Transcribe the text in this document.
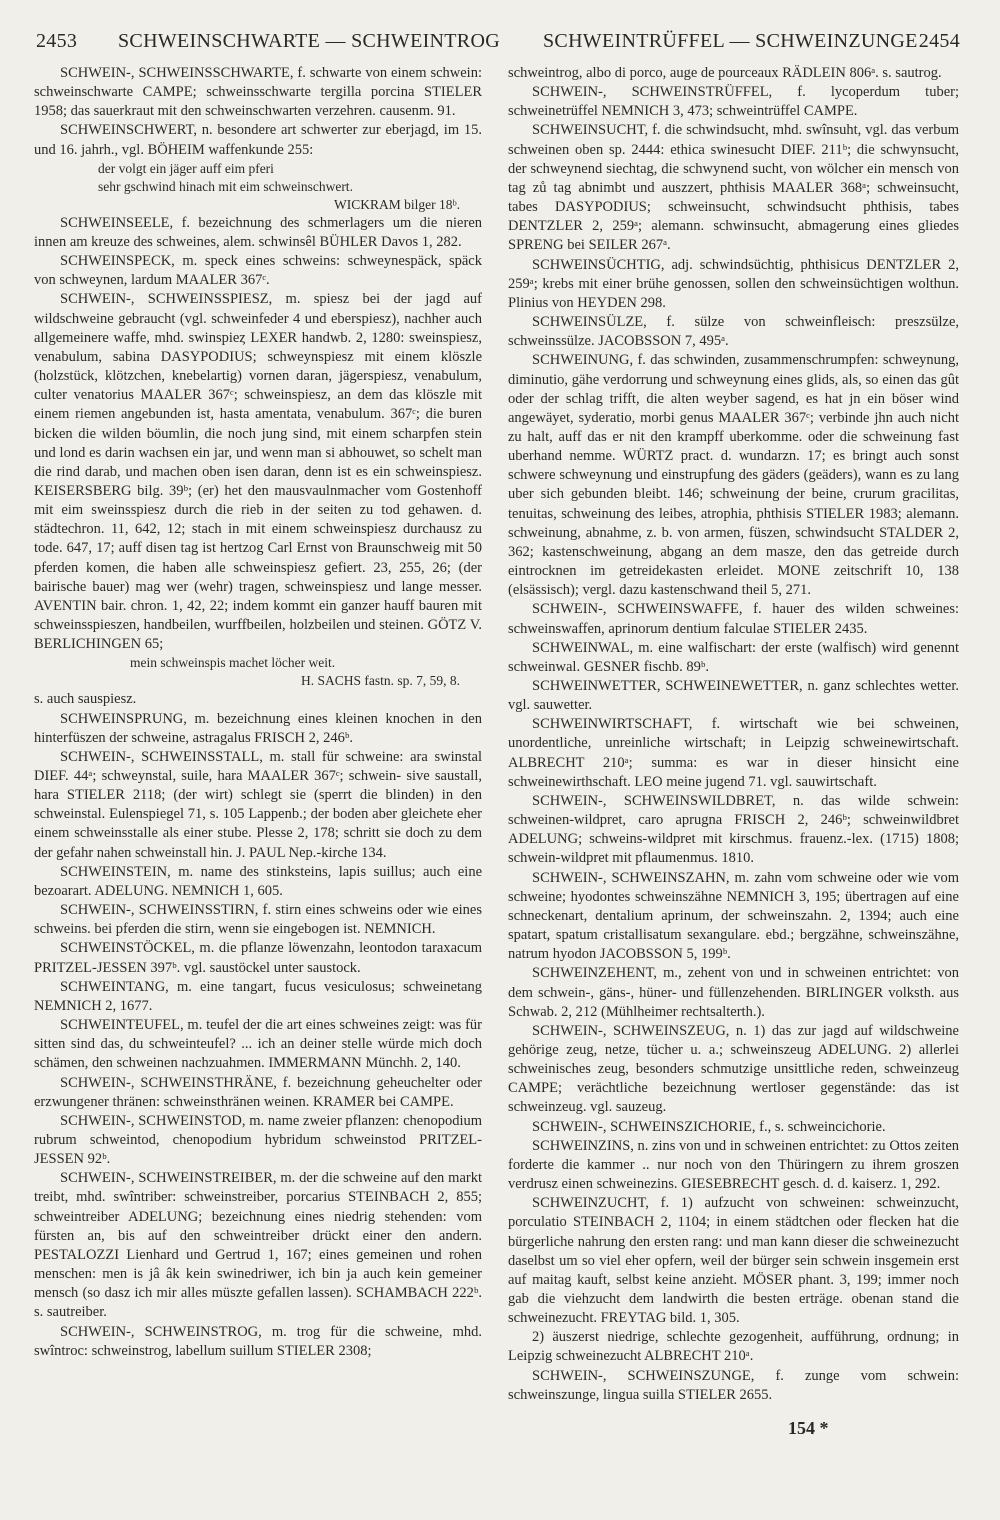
2453 SCHWEINSCHWARTE — SCHWEINTROG SCHWEINTRÜFFEL — SCHWEINZUNGE 2454

SCHWEIN-, SCHWEINSSCHWARTE, f. schwarte von einem schwein: schweinschwarte CAMPE; schweinsschwarte tergilla porcina STIELER 1958; das sauerkraut mit den schweinschwarten verzehren. causenm. 91.

SCHWEINSCHWERT, n. besondere art schwerter zur eberjagd, im 15. und 16. jahrh., vgl. BÖHEIM waffenkunde 255:

der volgt ein jäger auff eim pferi

sehr gschwind hinach mit eim schweinschwert.

WICKRAM bilger 18ᵇ.

SCHWEINSEELE, f. bezeichnung des schmerlagers um die nieren innen am kreuze des schweines, alem. schwinsêl BÜHLER Davos 1, 282.

SCHWEINSPECK, m. speck eines schweins: schweynespäck, späck von schweynen, lardum MAALER 367ᶜ.

SCHWEIN-, SCHWEINSSPIESZ, m. spiesz bei der jagd auf wildschweine gebraucht (vgl. schweinfeder 4 und eberspiesz), nachher auch allgemeinere waffe, mhd. swinspieȥ LEXER handwb. 2, 1280: sweinspiesz, venabulum, sabina DASYPODIUS; schweynspiesz mit einem klöszle (holzstück, klötzchen, knebelartig) vornen daran, jägerspiesz, venabulum, culter venatorius MAALER 367ᶜ; schweinspiesz, an dem das klöszle mit einem riemen angebunden ist, hasta amentata, venabulum. 367ᶜ; die buren bicken die wilden böumlin, die noch jung sind, mit einem scharpfen stein und lond es darin wachsen ein jar, und wenn man si abhouwet, so schelt man die rind darab, und machen oben isen daran, denn ist es ein schweinspiesz. KEISERSBERG bilg. 39ᵇ; (er) het den mausvaulnmacher vom Gostenhoff mit eim sweinsspiesz durch die rieb in der seiten zu tod gehawen. d. städtechron. 11, 642, 12; stach in mit einem schweinspiesz durchausz zu tode. 647, 17; auff disen tag ist hertzog Carl Ernst von Braunschweig mit 50 pferden komen, die haben alle schweinspiesz gefiert. 23, 255, 26; (der bairische bauer) mag wer (wehr) tragen, schweinspiesz und lange messer. AVENTIN bair. chron. 1, 42, 22; indem kommt ein ganzer hauff bauren mit schweinsspieszen, handbeilen, wurffbeilen, holzbeilen und steinen. GÖTZ V. BERLICHINGEN 65;

mein schweinspis machet löcher weit.

H. SACHS fastn. sp. 7, 59, 8.

s. auch sauspiesz.

SCHWEINSPRUNG, m. bezeichnung eines kleinen knochen in den hinterfüszen der schweine, astragalus FRISCH 2, 246ᵇ.

SCHWEIN-, SCHWEINSSTALL, m. stall für schweine: ara swinstal DIEF. 44ᵃ; schweynstal, suile, hara MAALER 367ᶜ; schwein- sive saustall, hara STIELER 2118; (der wirt) schlegt sie (sperrt die blinden) in den schweinstal. Eulenspiegel 71, s. 105 Lappenb.; der boden aber gleichete eher einem schweinsstalle als einer stube. Plesse 2, 178; schritt sie doch zu dem der gefahr nahen schweinstall hin. J. PAUL Nep.-kirche 134.

SCHWEINSTEIN, m. name des stinksteins, lapis suillus; auch eine bezoarart. ADELUNG. NEMNICH 1, 605.

SCHWEIN-, SCHWEINSSTIRN, f. stirn eines schweins oder wie eines schweins. bei pferden die stirn, wenn sie eingebogen ist. NEMNICH.

SCHWEINSTÖCKEL, m. die pflanze löwenzahn, leontodon taraxacum PRITZEL-JESSEN 397ᵇ. vgl. saustöckel unter saustock.

SCHWEINTANG, m. eine tangart, fucus vesiculosus; schweinetang NEMNICH 2, 1677.

SCHWEINTEUFEL, m. teufel der die art eines schweines zeigt: was für sitten sind das, du schweinteufel? ... ich an deiner stelle würde mich doch schämen, den schweinen nachzuahmen. IMMERMANN Münchh. 2, 140.

SCHWEIN-, SCHWEINSTHRÄNE, f. bezeichnung geheuchelter oder erzwungener thränen: schweinsthränen weinen. KRAMER bei CAMPE.

SCHWEIN-, SCHWEINSTOD, m. name zweier pflanzen: chenopodium rubrum schweintod, chenopodium hybridum schweinstod PRITZEL-JESSEN 92ᵇ.

SCHWEIN-, SCHWEINSTREIBER, m. der die schweine auf den markt treibt, mhd. swîntriber: schweinstreiber, porcarius STEINBACH 2, 855; schweintreiber ADELUNG; bezeichnung eines niedrig stehenden: vom fürsten an, bis auf den schweintreiber drückt einer den andern. PESTALOZZI Lienhard und Gertrud 1, 167; eines gemeinen und rohen menschen: men is jâ âk kein swinedriwer, ich bin ja auch kein gemeiner mensch (so dasz ich mir alles müszte gefallen lassen). SCHAMBACH 222ᵇ. s. sautreiber.

SCHWEIN-, SCHWEINSTROG, m. trog für die schweine, mhd. swîntroc: schweinstrog, labellum suillum STIELER 2308;

schweintrog, albo di porco, auge de pourceaux RÄDLEIN 806ᵃ. s. sautrog.

SCHWEIN-, SCHWEINSTRÜFFEL, f. lycoperdum tuber; schweinetrüffel NEMNICH 3, 473; schweintrüffel CAMPE.

SCHWEINSUCHT, f. die schwindsucht, mhd. swînsuht, vgl. das verbum schweinen oben sp. 2444: ethica swinesucht DIEF. 211ᵇ; die schwynsucht, der schweynend siechtag, die schwynend sucht, von wölcher ein mensch von tag zů tag abnimbt und auszzert, phthisis MAALER 368ᵃ; schweinsucht, tabes DASYPODIUS; schweinsucht, schwindsucht phthisis, tabes DENTZLER 2, 259ᵃ; alemann. schwinsucht, abmagerung eines gliedes SPRENG bei SEILER 267ᵃ.

SCHWEINSÜCHTIG, adj. schwindsüchtig, phthisicus DENTZLER 2, 259ᵃ; krebs mit einer brühe genossen, sollen den schweinsüchtigen wolthun. Plinius von HEYDEN 298.

SCHWEINSÜLZE, f. sülze von schweinfleisch: preszsülze, schweinssülze. JACOBSSON 7, 495ᵃ.

SCHWEINUNG, f. das schwinden, zusammenschrumpfen: schweynung, diminutio, gähe verdorrung und schweynung eines glids, als, so einen das gût oder der schlag trifft, die alten weyber sagend, es hat jn ein böser wind angewäyet, syderatio, morbi genus MAALER 367ᶜ; verbinde jhn auch nicht zu halt, auff das er nit den krampff uberkomme. oder die schweinung fast uberhand nemme. WÜRTZ pract. d. wundarzn. 17; es bringt auch sonst schwere schweynung und einstrupfung des gäders (geäders), wann es zu lang uber sich gebunden bleibt. 146; schweinung der beine, crurum gracilitas, tenuitas, schweinung des leibes, atrophia, phthisis STIELER 1983; alemann. schweinung, abnahme, z. b. von armen, füszen, schwindsucht STALDER 2, 362; kastenschweinung, abgang an dem masze, den das getreide durch eintrocknen im getreidekasten erleidet. MONE zeitschrift 10, 138 (elsässisch); vergl. dazu kastenschwand theil 5, 271.

SCHWEIN-, SCHWEINSWAFFE, f. hauer des wilden schweines: schweinswaffen, aprinorum dentium falculae STIELER 2435.

SCHWEINWAL, m. eine walfischart: der erste (walfisch) wird genennt schweinwal. GESNER fischb. 89ᵇ.

SCHWEINWETTER, SCHWEINEWETTER, n. ganz schlechtes wetter. vgl. sauwetter.

SCHWEINWIRTSCHAFT, f. wirtschaft wie bei schweinen, unordentliche, unreinliche wirtschaft; in Leipzig schweinewirtschaft. ALBRECHT 210ᵃ; summa: es war in dieser hinsicht eine schweinewirthschaft. LEO meine jugend 71. vgl. sauwirtschaft.

SCHWEIN-, SCHWEINSWILDBRET, n. das wilde schwein: schweinen-wildpret, caro aprugna FRISCH 2, 246ᵇ; schweinwildbret ADELUNG; schweins-wildpret mit kirschmus. frauenz.-lex. (1715) 1808; schwein-wildpret mit pflaumenmus. 1810.

SCHWEIN-, SCHWEINSZAHN, m. zahn vom schweine oder wie vom schweine; hyodontes schweinszähne NEMNICH 3, 195; übertragen auf eine schneckenart, dentalium aprinum, der schweinszahn. 2, 1394; auch eine spatart, spatum cristallisatum sexangulare. ebd.; bergzähne, schweinszähne, natrum hyodon JACOBSSON 5, 199ᵇ.

SCHWEINZEHENT, m., zehent von und in schweinen entrichtet: von dem schwein-, gäns-, hüner- und füllenzehenden. BIRLINGER volksth. aus Schwab. 2, 212 (Mühlheimer rechtsalterth.).

SCHWEIN-, SCHWEINSZEUG, n. 1) das zur jagd auf wildschweine gehörige zeug, netze, tücher u. a.; schweinszeug ADELUNG. 2) allerlei schweinisches zeug, besonders schmutzige unsittliche reden, schweinzeug CAMPE; verächtliche bezeichnung wertloser gegenstände: das ist schweinzeug. vgl. sauzeug.

SCHWEIN-, SCHWEINSZICHORIE, f., s. schweincichorie.

SCHWEINZINS, n. zins von und in schweinen entrichtet: zu Ottos zeiten forderte die kammer .. nur noch von den Thüringern zu ihrem groszen verdrusz einen schweinezins. GIESEBRECHT gesch. d. d. kaiserz. 1, 292.

SCHWEINZUCHT, f. 1) aufzucht von schweinen: schweinzucht, porculatio STEINBACH 2, 1104; in einem städtchen oder flecken hat die bürgerliche nahrung den ersten rang: und man kann dieser die schweinezucht daselbst um so viel eher opfern, weil der bürger sein schwein insgemein erst auf maitag kauft, selbst keine anzieht. MÖSER phant. 3, 199; immer noch gab die viehzucht dem landwirth die besten erträge. obenan stand die schweinezucht. FREYTAG bild. 1, 305.

2) äuszerst niedrige, schlechte gezogenheit, aufführung, ordnung; in Leipzig schweinezucht ALBRECHT 210ᵃ.

SCHWEIN-, SCHWEINSZUNGE, f. zunge vom schwein: schweinszunge, lingua suilla STIELER 2655.

154 *
